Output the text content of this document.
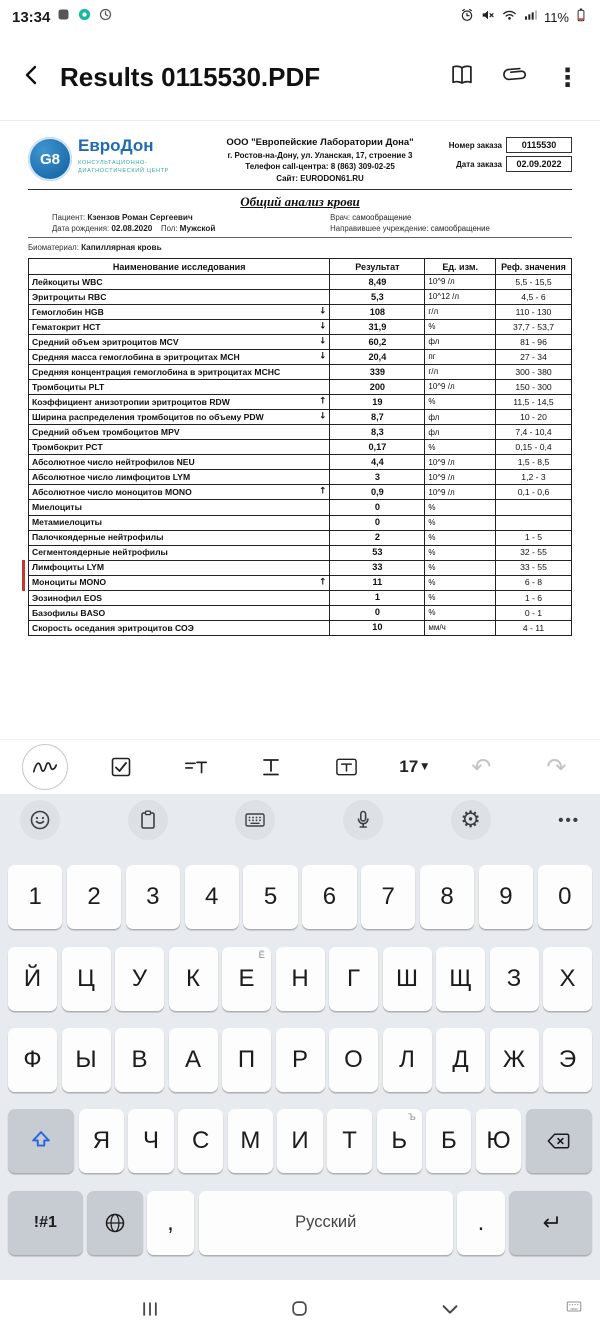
13:34	11%
Results 0115530.PDF	⋮
G8
ЕвроДон
КОНСУЛЬТАЦИОННО-ДИАГНОСТИЧЕСКИЙ ЦЕНТР
ООО "Европейские Лаборатории Дона"
г. Ростов-на-Дону, ул. Уланская, 17, строение 3
Телефон call-центра: 8 (863) 309-02-25
Сайт: EURODON61.RU
Номер заказа	0115530
Дата заказа	02.09.2022
Общий анализ крови
Пациент: Кзензов Роман Сергеевич	Врач: самообращение
Дата рождения: 02.08.2020 Пол: Мужской	Направившее учреждение: самообращение
Биоматериал: Капиллярная кровь
Наименование исследования	Результат	Ед. изм.	Реф. значения
Лейкоциты WBC	8,49	10^9 /л	5,5 - 15,5
Эритроциты RBC	5,3	10^12 /л	4,5 - 6
Гемоглобин HGB ↓	108	г/л	110 - 130
Гематокрит HCT ↓	31,9	%	37,7 - 53,7
Средний объем эритроцитов MCV ↓	60,2	фл	81 - 96
Средняя масса гемоглобина в эритроцитах MCH ↓	20,4	пг	27 - 34
Средняя концентрация гемоглобина в эритроцитах MCHC	339	г/л	300 - 380
Тромбоциты PLT	200	10^9 /л	150 - 300
Коэффициент анизотропии эритроцитов RDW ↑	19	%	11,5 - 14,5
Ширина распределения тромбоцитов по объему PDW ↓	8,7	фл	10 - 20
Средний объем тромбоцитов MPV	8,3	фл	7,4 - 10,4
Тромбокрит PCT	0,17	%	0,15 - 0,4
Абсолютное число нейтрофилов NEU	4,4	10^9 /л	1,5 - 8,5
Абсолютное число лимфоцитов LYM	3	10^9 /л	1,2 - 3
Абсолютное число моноцитов MONO ↑	0,9	10^9 /л	0,1 - 0,6
Миелоциты	0	%	
Метамиелоциты	0	%	
Палочкоядерные нейтрофилы	2	%	1 - 5
Сегментоядерные нейтрофилы	53	%	32 - 55
Лимфоциты LYM	33	%	33 - 55
Моноциты MONO ↑	11	%	6 - 8
Эозинофил EOS	1	%	1 - 6
Базофилы BASO	0	%	0 - 1
Скорость оседания эритроцитов СОЭ	10	мм/ч	4 - 11
17 ▼ ↶ ↷
⚙	•••
1 2 3 4 5 6 7 8 9 0
Й Ц У К Е
Ё
Н Г Ш Щ З Х
Ф Ы В А П Р О Л Д Ж Э
Я Ч С М И Т Ь
Ъ
Б Ю
!#1	,	Русский	.
